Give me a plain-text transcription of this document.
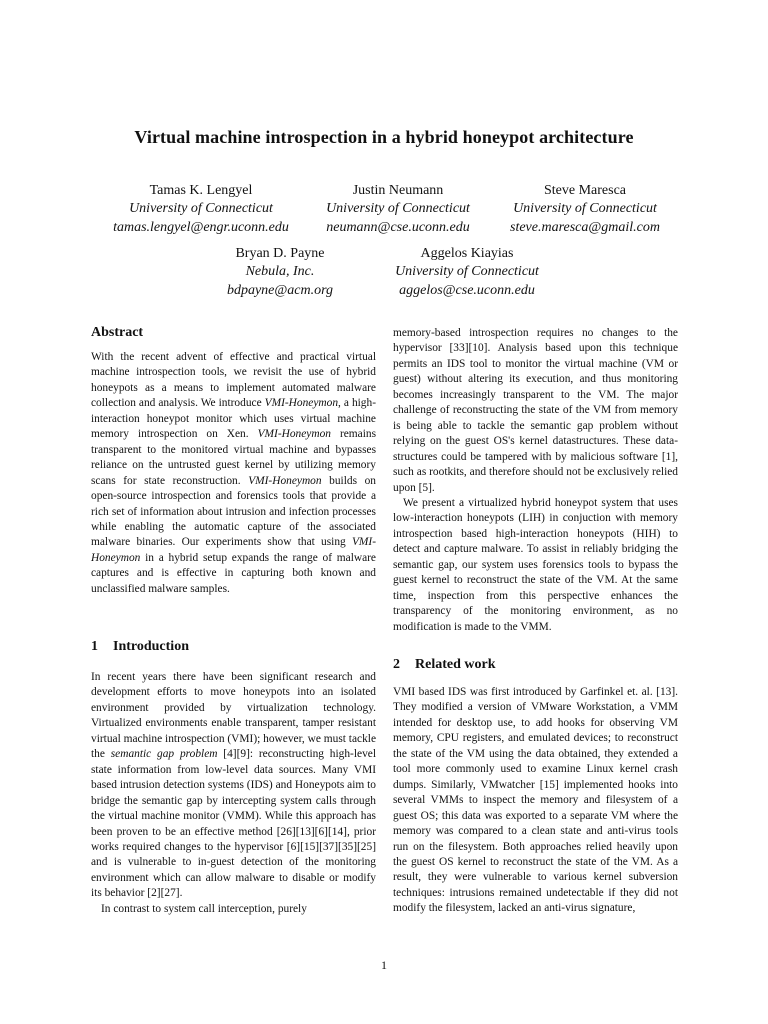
Virtual machine introspection in a hybrid honeypot architecture
Tamas K. Lengyel
University of Connecticut
tamas.lengyel@engr.uconn.edu
Justin Neumann
University of Connecticut
neumann@cse.uconn.edu
Steve Maresca
University of Connecticut
steve.maresca@gmail.com
Bryan D. Payne
Nebula, Inc.
bdpayne@acm.org
Aggelos Kiayias
University of Connecticut
aggelos@cse.uconn.edu
Abstract

With the recent advent of effective and practical virtual machine introspection tools, we revisit the use of hybrid honeypots as a means to implement automated malware collection and analysis. We introduce VMI-Honeymon, a high-interaction honeypot monitor which uses virtual machine memory introspection on Xen. VMI-Honeymon remains transparent to the monitored virtual machine and bypasses reliance on the untrusted guest kernel by utilizing memory scans for state reconstruction. VMI-Honeymon builds on open-source introspection and forensics tools that provide a rich set of information about intrusion and infection processes while enabling the automatic capture of the associated malware binaries. Our experiments show that using VMI-Honeymon in a hybrid setup expands the range of malware captures and is effective in capturing both known and unclassified malware samples.

1 Introduction

In recent years there have been significant research and development efforts to move honeypots into an isolated environment provided by virtualization technology. Virtualized environments enable transparent, tamper resistant virtual machine introspection (VMI); however, we must tackle the semantic gap problem [4][9]: reconstructing high-level state information from low-level data sources. Many VMI based intrusion detection systems (IDS) and Honeypots aim to bridge the semantic gap by intercepting system calls through the virtual machine monitor (VMM). While this approach has been proven to be an effective method [26][13][6][14], prior works required changes to the hypervisor [6][15][37][35][25] and is vulnerable to in-guest detection of the monitoring environment which can allow malware to disable or modify its behavior [2][27].

In contrast to system call interception, purely

memory-based introspection requires no changes to the hypervisor [33][10]. Analysis based upon this technique permits an IDS tool to monitor the virtual machine (VM or guest) without altering its execution, and thus monitoring becomes increasingly transparent to the VM. The major challenge of reconstructing the state of the VM from memory is being able to tackle the semantic gap problem without relying on the guest OS's kernel datastructures. These data-structures could be tampered with by malicious software [1], such as rootkits, and therefore should not be exclusively relied upon [5].

We present a virtualized hybrid honeypot system that uses low-interaction honeypots (LIH) in conjuction with memory introspection based high-interaction honeypots (HIH) to detect and capture malware. To assist in reliably bridging the semantic gap, our system uses forensics tools to bypass the guest kernel to reconstruct the state of the VM. At the same time, inspection from this perspective enhances the transparency of the monitoring environment, as no modification is made to the VMM.

2 Related work

VMI based IDS was first introduced by Garfinkel et. al. [13]. They modified a version of VMware Workstation, a VMM intended for desktop use, to add hooks for observing VM memory, CPU registers, and emulated devices; to reconstruct the state of the VM using the data obtained, they extended a tool more commonly used to examine Linux kernel crash dumps. Similarly, VMwatcher [15] implemented hooks into several VMMs to inspect the memory and filesystem of a guest OS; this data was exported to a separate VM where the memory was compared to a clean state and anti-virus tools run on the filesystem. Both approaches relied heavily upon the guest OS kernel to reconstruct the state of the VM. As a result, they were vulnerable to various kernel subversion techniques: intrusions remained undetectable if they did not modify the filesystem, lacked an anti-virus signature,

1
